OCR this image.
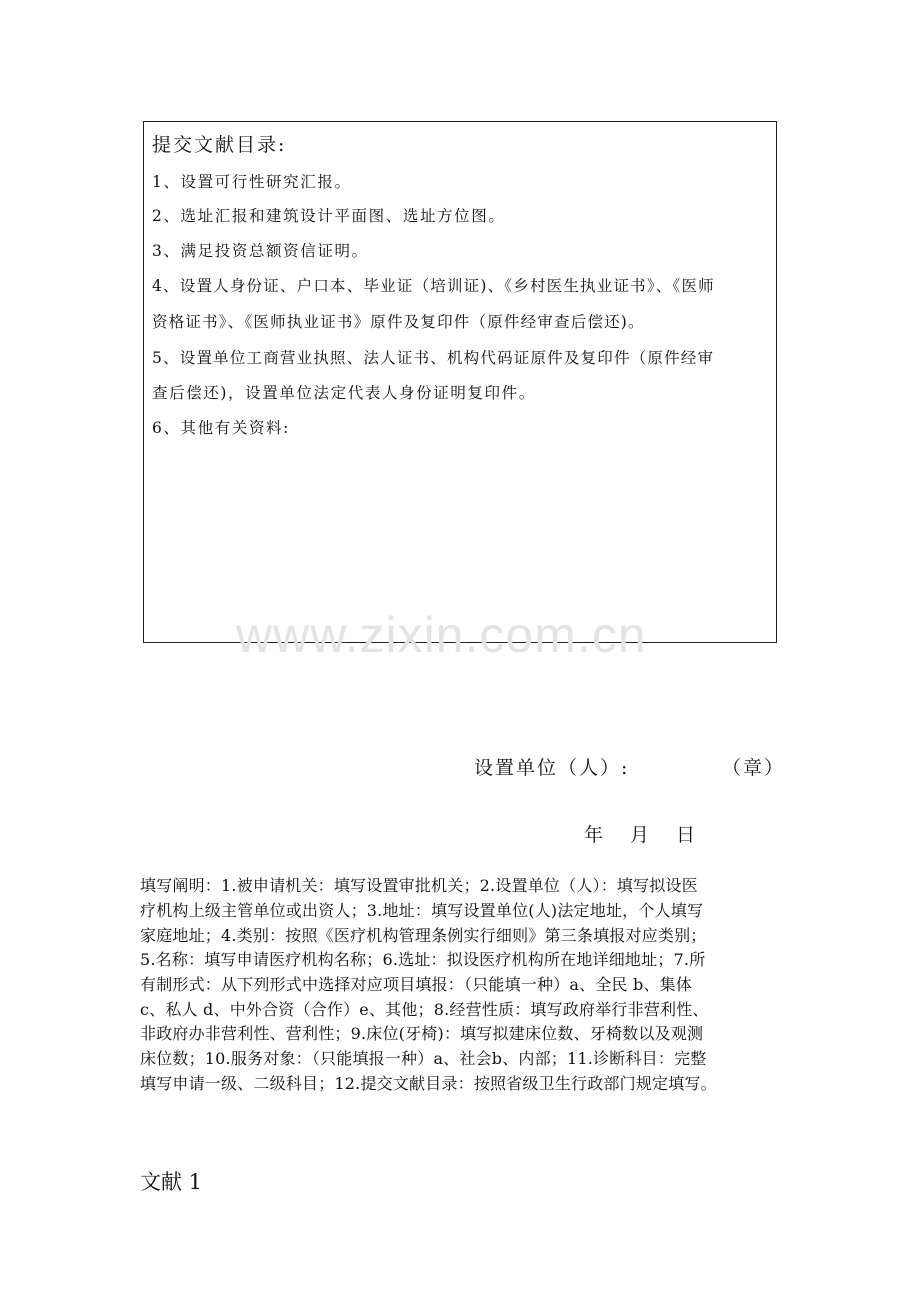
提交文献目录:
1、设置可行性研究汇报。
2、选址汇报和建筑设计平面图、选址方位图。
3、满足投资总额资信证明。
4、设置人身份证、户口本、毕业证（培训证)、《乡村医生执业证书》、《医师
资格证书》、《医师执业证书》原件及复印件（原件经审查后偿还)。
5、设置单位工商营业执照、法人证书、机构代码证原件及复印件（原件经审
查后偿还)，设置单位法定代表人身份证明复印件。
6、其他有关资料:
www.zixin.com.cn
设置单位（人）:	（章）
年　月　日
填写阐明：1.被申请机关：填写设置审批机关；2.设置单位（人）：填写拟设医
疗机构上级主管单位或出资人；3.地址：填写设置单位(人)法定地址，个人填写
家庭地址；4.类别：按照《医疗机构管理条例实行细则》第三条填报对应类别；
5.名称：填写申请医疗机构名称；6.选址：拟设医疗机构所在地详细地址；7.所
有制形式：从下列形式中选择对应项目填报：（只能填一种）a、全民 b、集体
c、私人 d、中外合资（合作）e、其他；8.经营性质：填写政府举行非营利性、
非政府办非营利性、营利性；9.床位(牙椅)：填写拟建床位数、牙椅数以及观测
床位数；10.服务对象：（只能填报一种）a、社会b、内部；11.诊断科目：完整
填写申请一级、二级科目；12.提交文献目录：按照省级卫生行政部门规定填写。
文献 1
